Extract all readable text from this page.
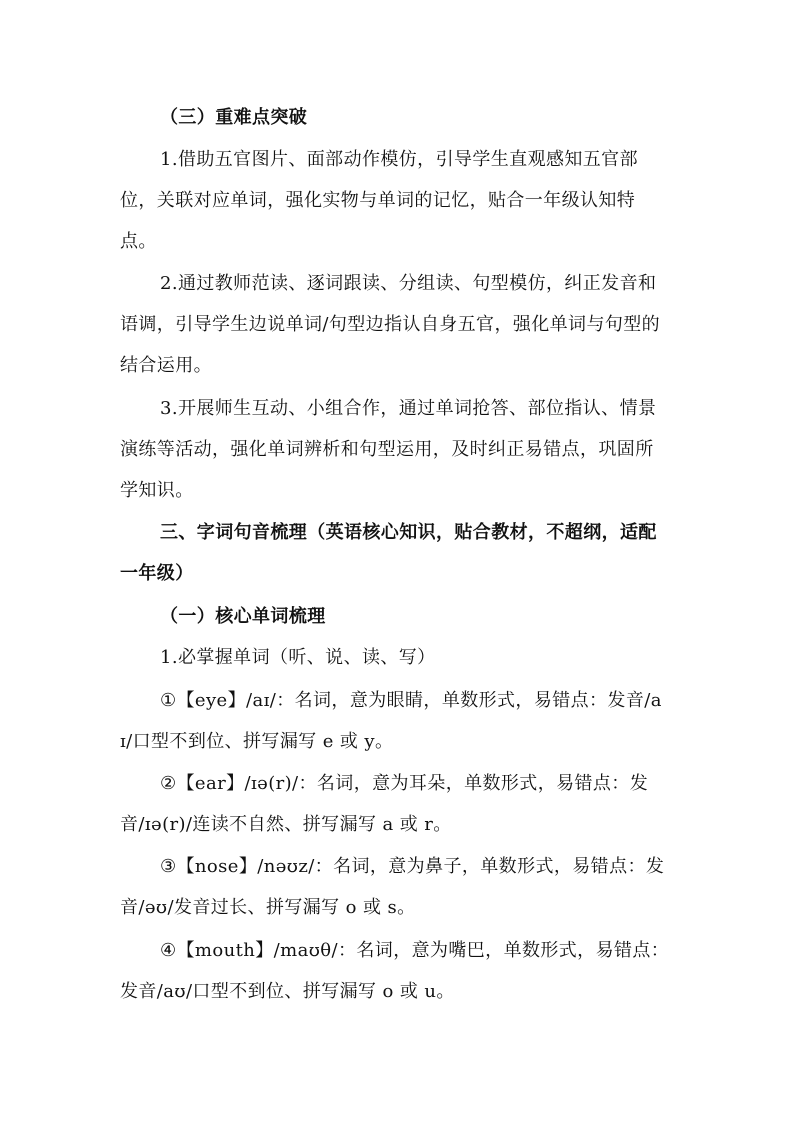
（三）重难点突破
1.借助五官图片、面部动作模仿，引导学生直观感知五官部
位，关联对应单词，强化实物与单词的记忆，贴合一年级认知特
点。
2.通过教师范读、逐词跟读、分组读、句型模仿，纠正发音和
语调，引导学生边说单词/句型边指认自身五官，强化单词与句型的
结合运用。
3.开展师生互动、小组合作，通过单词抢答、部位指认、情景
演练等活动，强化单词辨析和句型运用，及时纠正易错点，巩固所
学知识。
三、字词句音梳理（英语核心知识，贴合教材，不超纲，适配
一年级）
（一）核心单词梳理
1.必掌握单词（听、说、读、写）
①【eye】/aɪ/：名词，意为眼睛，单数形式，易错点：发音/a
ɪ/口型不到位、拼写漏写 e 或 y。
②【ear】/ɪə(r)/：名词，意为耳朵，单数形式，易错点：发
音/ɪə(r)/连读不自然、拼写漏写 a 或 r。
③【nose】/nəʊz/：名词，意为鼻子，单数形式，易错点：发
音/əʊ/发音过长、拼写漏写 o 或 s。
④【mouth】/maʊθ/：名词，意为嘴巴，单数形式，易错点：
发音/aʊ/口型不到位、拼写漏写 o 或 u。
